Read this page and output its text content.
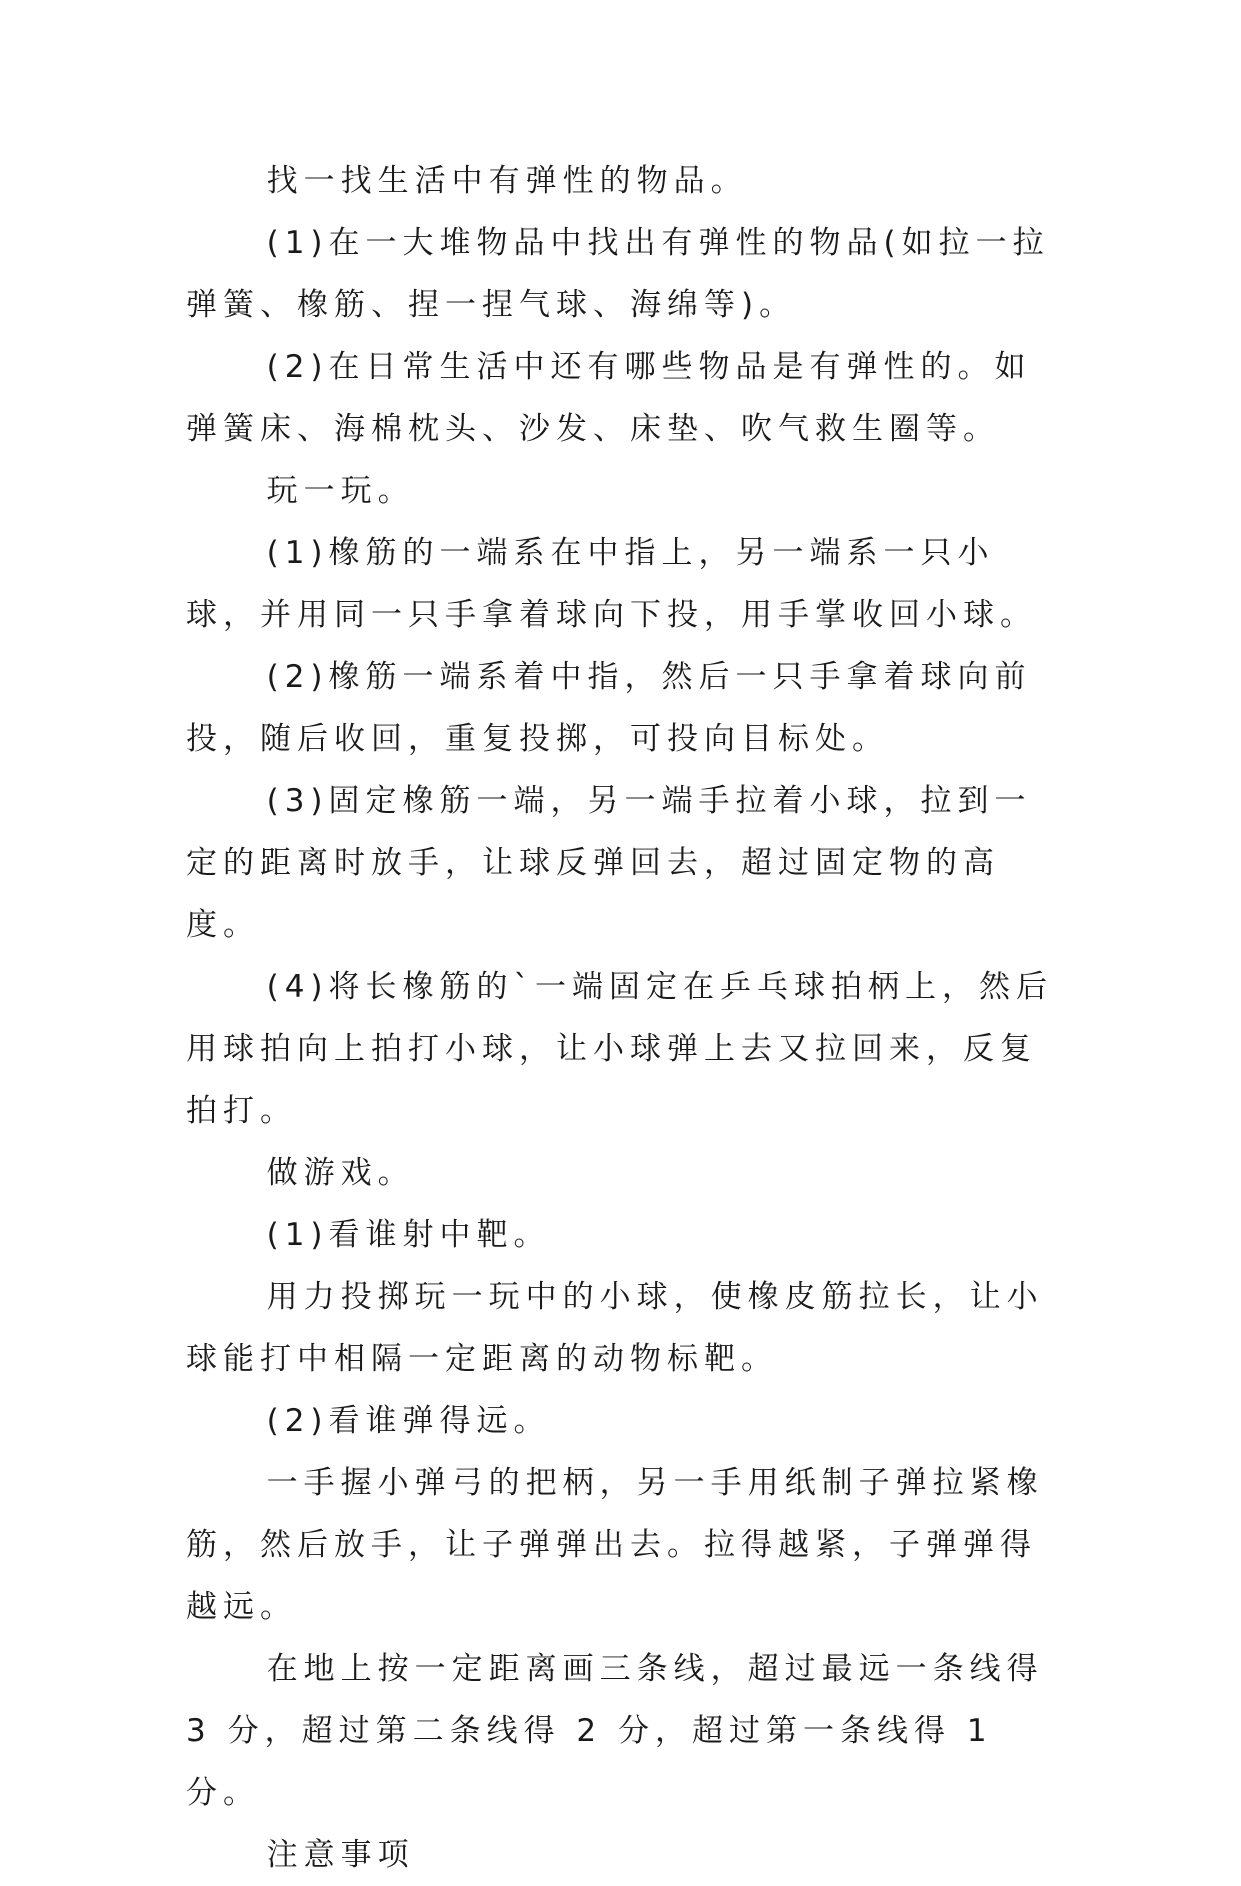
找一找生活中有弹性的物品。

(1)在一大堆物品中找出有弹性的物品(如拉一拉弹簧、橡筋、捏一捏气球、海绵等)。

(2)在日常生活中还有哪些物品是有弹性的。如弹簧床、海棉枕头、沙发、床垫、吹气救生圈等。

玩一玩。

(1)橡筋的一端系在中指上，另一端系一只小球，并用同一只手拿着球向下投，用手掌收回小球。

(2)橡筋一端系着中指，然后一只手拿着球向前投，随后收回，重复投掷，可投向目标处。

(3)固定橡筋一端，另一端手拉着小球，拉到一定的距离时放手，让球反弹回去，超过固定物的高度。

(4)将长橡筋的`一端固定在乒乓球拍柄上，然后用球拍向上拍打小球，让小球弹上去又拉回来，反复拍打。

做游戏。

(1)看谁射中靶。

用力投掷玩一玩中的小球，使橡皮筋拉长，让小球能打中相隔一定距离的动物标靶。

(2)看谁弹得远。

一手握小弹弓的把柄，另一手用纸制子弹拉紧橡筋，然后放手，让子弹弹出去。拉得越紧，子弹弹得越远。

在地上按一定距离画三条线，超过最远一条线得 3 分，超过第二条线得 2 分，超过第一条线得 1 分。

注意事项
